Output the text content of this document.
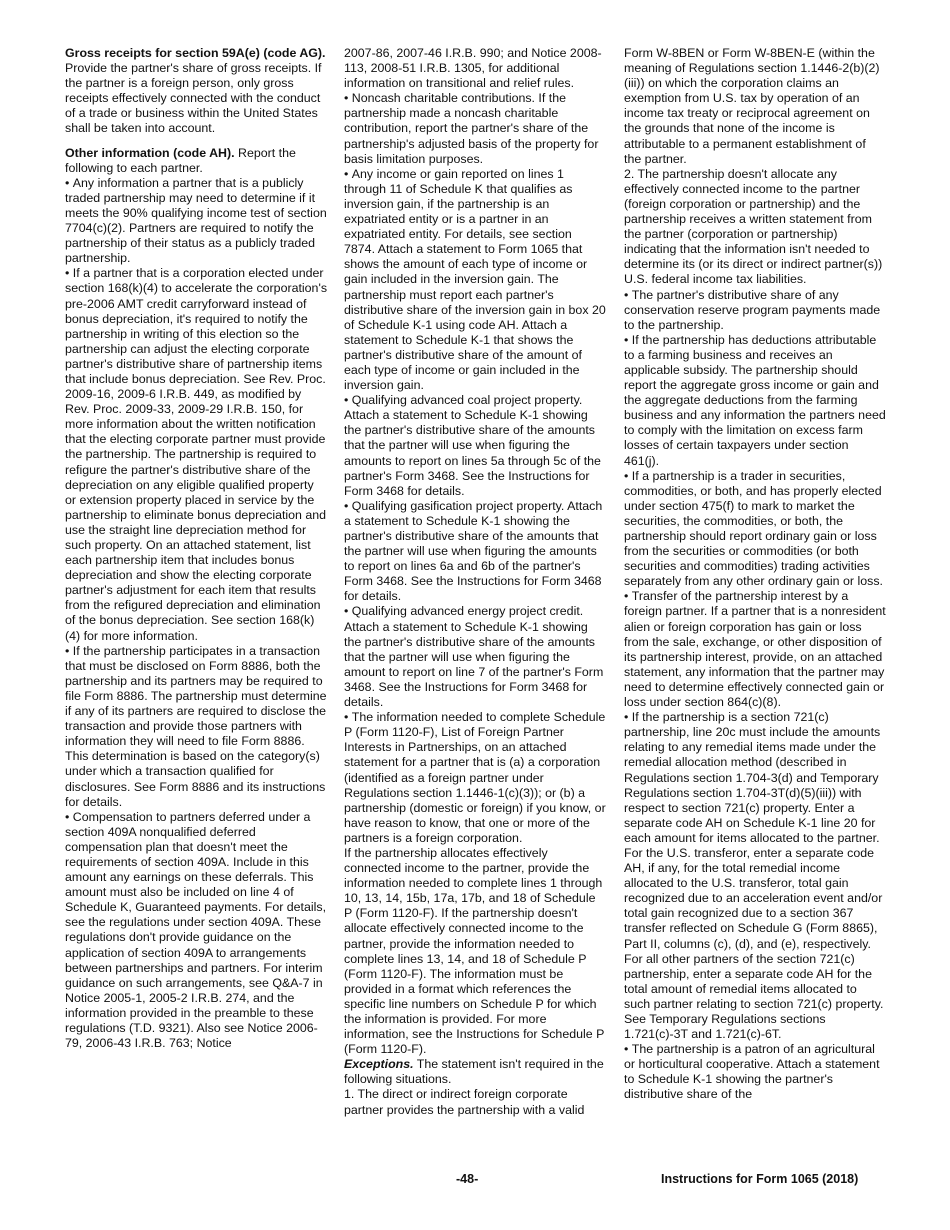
Gross receipts for section 59A(e) (code AG). Provide the partner's share of gross receipts. If the partner is a foreign person, only gross receipts effectively connected with the conduct of a trade or business within the United States shall be taken into account.

Other information (code AH). Report the following to each partner.

• Any information a partner that is a publicly traded partnership may need to determine if it meets the 90% qualifying income test of section 7704(c)(2). Partners are required to notify the partnership of their status as a publicly traded partnership.

• If a partner that is a corporation elected under section 168(k)(4) to accelerate the corporation's pre-2006 AMT credit carryforward instead of bonus depreciation, it's required to notify the partnership in writing of this election so the partnership can adjust the electing corporate partner's distributive share of partnership items that include bonus depreciation. See Rev. Proc. 2009-16, 2009-6 I.R.B. 449, as modified by Rev. Proc. 2009-33, 2009-29 I.R.B. 150, for more information about the written notification that the electing corporate partner must provide the partnership. The partnership is required to refigure the partner's distributive share of the depreciation on any eligible qualified property or extension property placed in service by the partnership to eliminate bonus depreciation and use the straight line depreciation method for such property. On an attached statement, list each partnership item that includes bonus depreciation and show the electing corporate partner's adjustment for each item that results from the refigured depreciation and elimination of the bonus depreciation. See section 168(k)(4) for more information.

• If the partnership participates in a transaction that must be disclosed on Form 8886, both the partnership and its partners may be required to file Form 8886. The partnership must determine if any of its partners are required to disclose the transaction and provide those partners with information they will need to file Form 8886. This determination is based on the category(s) under which a transaction qualified for disclosures. See Form 8886 and its instructions for details.

• Compensation to partners deferred under a section 409A nonqualified deferred compensation plan that doesn't meet the requirements of section 409A. Include in this amount any earnings on these deferrals. This amount must also be included on line 4 of Schedule K, Guaranteed payments. For details, see the regulations under section 409A. These regulations don't provide guidance on the application of section 409A to arrangements between partnerships and partners. For interim guidance on such arrangements, see Q&A-7 in Notice 2005-1, 2005-2 I.R.B. 274, and the information provided in the preamble to these regulations (T.D. 9321). Also see Notice 2006-79, 2006-43 I.R.B. 763; Notice

2007-86, 2007-46 I.R.B. 990; and Notice 2008-113, 2008-51 I.R.B. 1305, for additional information on transitional and relief rules.

• Noncash charitable contributions. If the partnership made a noncash charitable contribution, report the partner's share of the partnership's adjusted basis of the property for basis limitation purposes.

• Any income or gain reported on lines 1 through 11 of Schedule K that qualifies as inversion gain, if the partnership is an expatriated entity or is a partner in an expatriated entity. For details, see section 7874. Attach a statement to Form 1065 that shows the amount of each type of income or gain included in the inversion gain. The partnership must report each partner's distributive share of the inversion gain in box 20 of Schedule K-1 using code AH. Attach a statement to Schedule K-1 that shows the partner's distributive share of the amount of each type of income or gain included in the inversion gain.

• Qualifying advanced coal project property. Attach a statement to Schedule K-1 showing the partner's distributive share of the amounts that the partner will use when figuring the amounts to report on lines 5a through 5c of the partner's Form 3468. See the Instructions for Form 3468 for details.

• Qualifying gasification project property. Attach a statement to Schedule K-1 showing the partner's distributive share of the amounts that the partner will use when figuring the amounts to report on lines 6a and 6b of the partner's Form 3468. See the Instructions for Form 3468 for details.

• Qualifying advanced energy project credit. Attach a statement to Schedule K-1 showing the partner's distributive share of the amounts that the partner will use when figuring the amount to report on line 7 of the partner's Form 3468. See the Instructions for Form 3468 for details.

• The information needed to complete Schedule P (Form 1120-F), List of Foreign Partner Interests in Partnerships, on an attached statement for a partner that is (a) a corporation (identified as a foreign partner under Regulations section 1.1446-1(c)(3)); or (b) a partnership (domestic or foreign) if you know, or have reason to know, that one or more of the partners is a foreign corporation.

If the partnership allocates effectively connected income to the partner, provide the information needed to complete lines 1 through 10, 13, 14, 15b, 17a, 17b, and 18 of Schedule P (Form 1120-F). If the partnership doesn't allocate effectively connected income to the partner, provide the information needed to complete lines 13, 14, and 18 of Schedule P (Form 1120-F). The information must be provided in a format which references the specific line numbers on Schedule P for which the information is provided. For more information, see the Instructions for Schedule P (Form 1120-F).

Exceptions. The statement isn't required in the following situations.

1. The direct or indirect foreign corporate partner provides the partnership with a valid

Form W-8BEN or Form W-8BEN-E (within the meaning of Regulations section 1.1446-2(b)(2)(iii)) on which the corporation claims an exemption from U.S. tax by operation of an income tax treaty or reciprocal agreement on the grounds that none of the income is attributable to a permanent establishment of the partner.

2. The partnership doesn't allocate any effectively connected income to the partner (foreign corporation or partnership) and the partnership receives a written statement from the partner (corporation or partnership) indicating that the information isn't needed to determine its (or its direct or indirect partner(s)) U.S. federal income tax liabilities.

• The partner's distributive share of any conservation reserve program payments made to the partnership.

• If the partnership has deductions attributable to a farming business and receives an applicable subsidy. The partnership should report the aggregate gross income or gain and the aggregate deductions from the farming business and any information the partners need to comply with the limitation on excess farm losses of certain taxpayers under section 461(j).

• If a partnership is a trader in securities, commodities, or both, and has properly elected under section 475(f) to mark to market the securities, the commodities, or both, the partnership should report ordinary gain or loss from the securities or commodities (or both securities and commodities) trading activities separately from any other ordinary gain or loss.

• Transfer of the partnership interest by a foreign partner. If a partner that is a nonresident alien or foreign corporation has gain or loss from the sale, exchange, or other disposition of its partnership interest, provide, on an attached statement, any information that the partner may need to determine effectively connected gain or loss under section 864(c)(8).

• If the partnership is a section 721(c) partnership, line 20c must include the amounts relating to any remedial items made under the remedial allocation method (described in Regulations section 1.704-3(d) and Temporary Regulations section 1.704-3T(d)(5)(iii)) with respect to section 721(c) property. Enter a separate code AH on Schedule K-1 line 20 for each amount for items allocated to the partner. For the U.S. transferor, enter a separate code AH, if any, for the total remedial income allocated to the U.S. transferor, total gain recognized due to an acceleration event and/or total gain recognized due to a section 367 transfer reflected on Schedule G (Form 8865), Part II, columns (c), (d), and (e), respectively. For all other partners of the section 721(c) partnership, enter a separate code AH for the total amount of remedial items allocated to such partner relating to section 721(c) property. See Temporary Regulations sections 1.721(c)-3T and 1.721(c)-6T.

• The partnership is a patron of an agricultural or horticultural cooperative. Attach a statement to Schedule K-1 showing the partner's distributive share of the

-48-	Instructions for Form 1065 (2018)
